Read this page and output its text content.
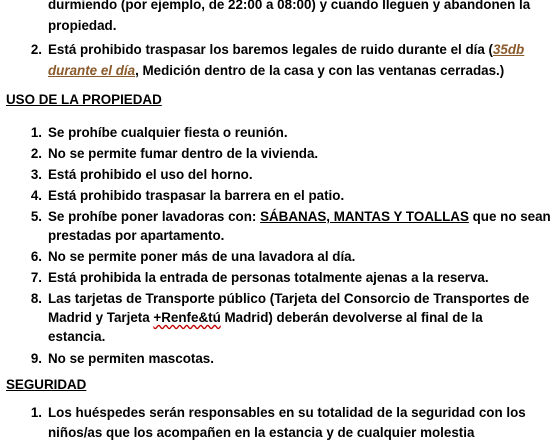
durmiendo (por ejemplo, de 22:00 a 08:00) y cuando lleguen y abandonen la
propiedad.
2. Está prohibido traspasar los baremos legales de ruido durante el día (35db
durante el día, Medición dentro de la casa y con las ventanas cerradas.)
USO DE LA PROPIEDAD
1. Se prohíbe cualquier fiesta o reunión.
2. No se permite fumar dentro de la vivienda.
3. Está prohibido el uso del horno.
4. Está prohibido traspasar la barrera en el patio.
5. Se prohíbe poner lavadoras con: SÁBANAS, MANTAS Y TOALLAS que no sean
prestadas por apartamento.
6. No se permite poner más de una lavadora al día.
7. Está prohibida la entrada de personas totalmente ajenas a la reserva.
8. Las tarjetas de Transporte público (Tarjeta del Consorcio de Transportes de
Madrid y Tarjeta +Renfe&tú Madrid) deberán devolverse al final de la
estancia.
9. No se permiten mascotas.
SEGURIDAD
1. Los huéspedes serán responsables en su totalidad de la seguridad con los
niños/as que los acompañen en la estancia y de cualquier molestia
